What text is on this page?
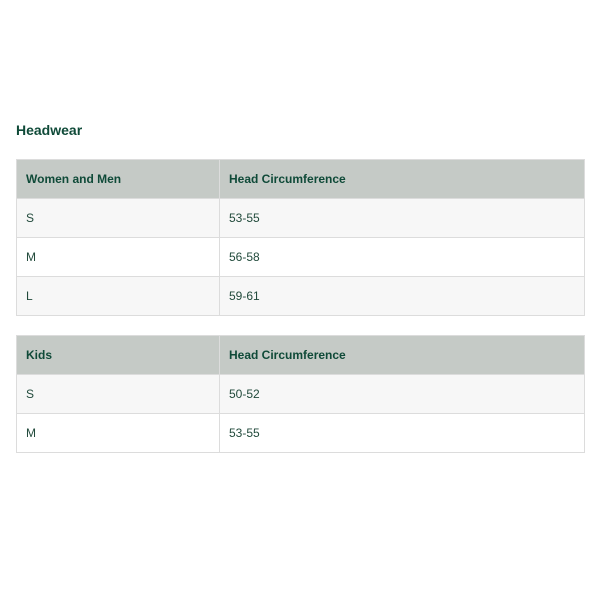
Headwear
Women and Men	Head Circumference
S	53-55
M	56-58
L	59-61
Kids	Head Circumference
S	50-52
M	53-55
